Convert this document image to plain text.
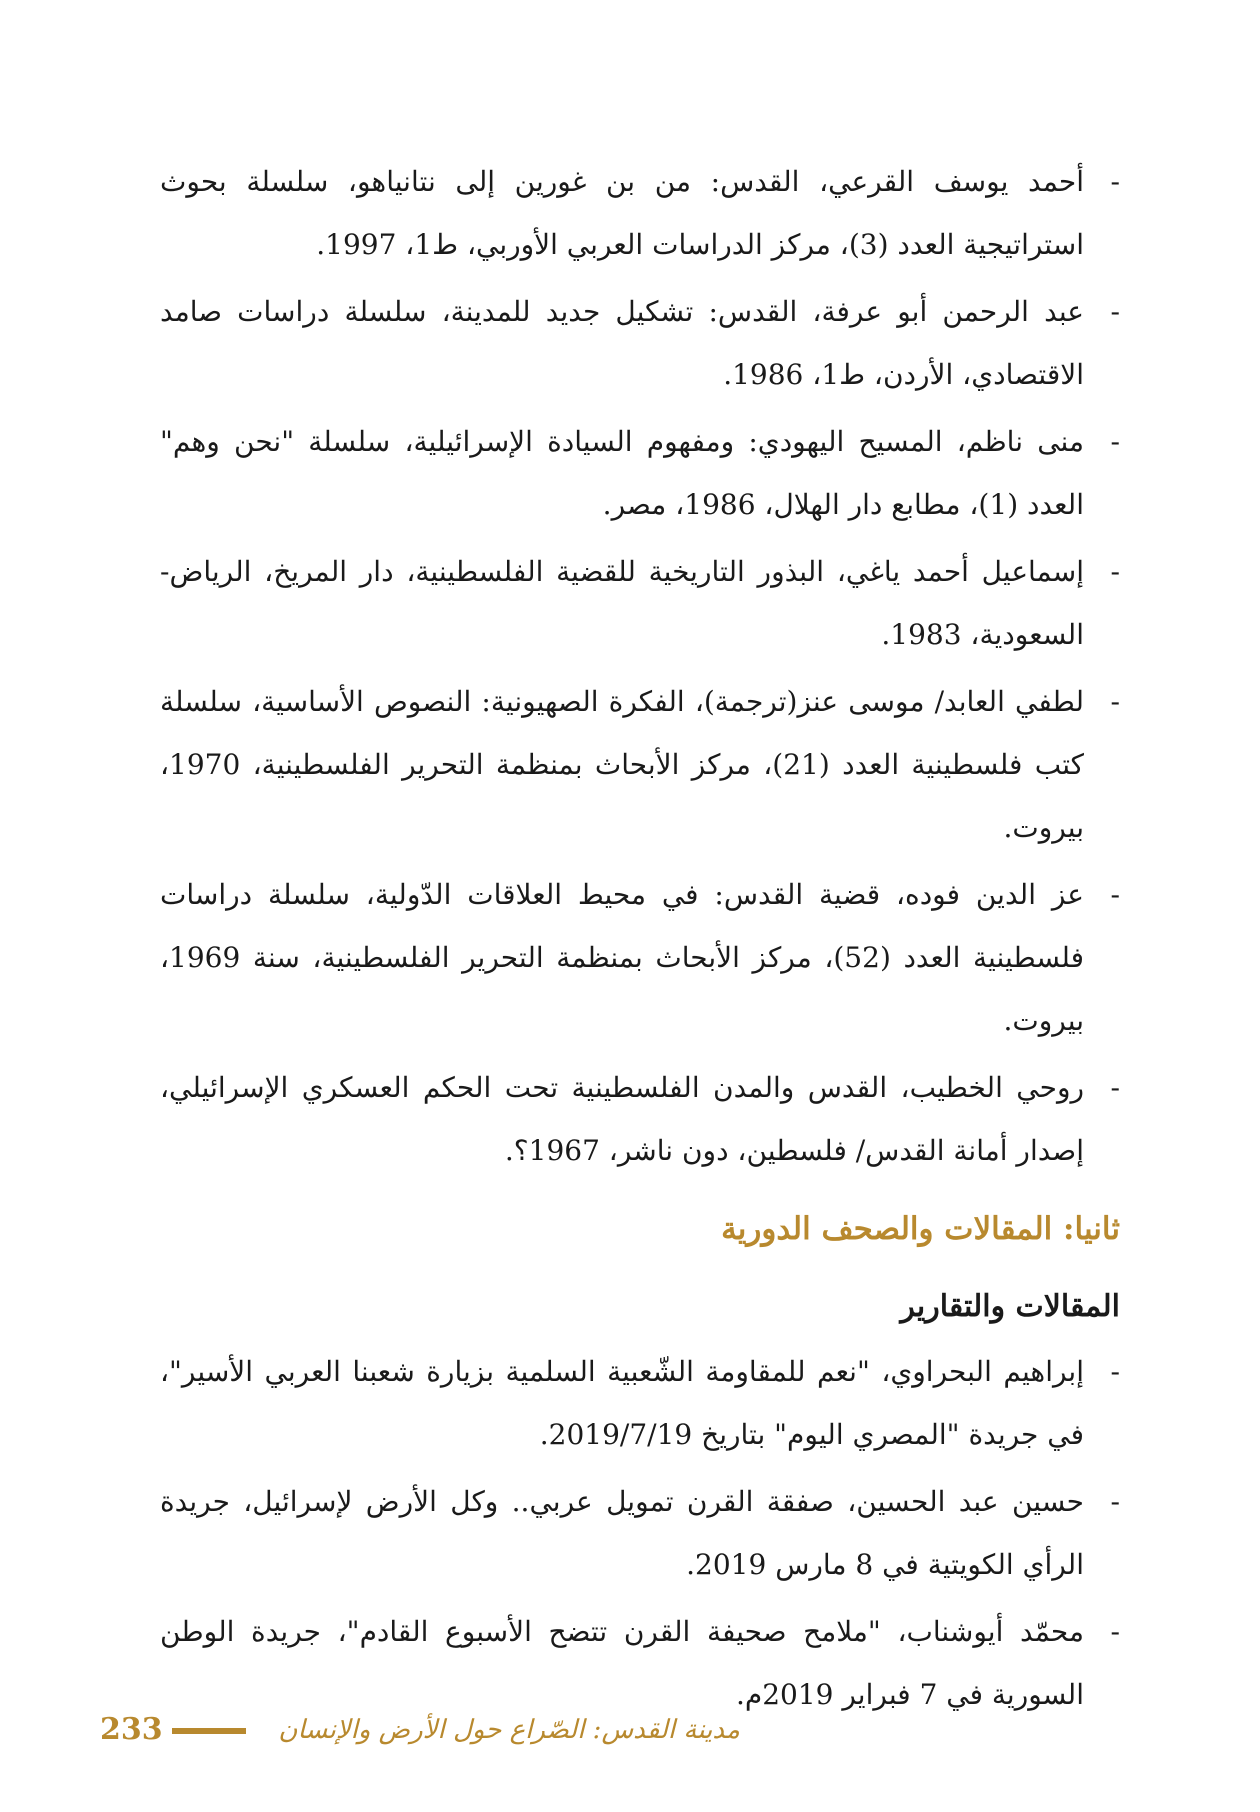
-
أحمد يوسف القرعي، القدس: من بن غورين إلى نتانياهو، سلسلة بحوث استراتيجية العدد (3)، مركز الدراسات العربي الأوربي، ط1، 1997.
-
عبد الرحمن أبو عرفة، القدس: تشكيل جديد للمدينة، سلسلة دراسات صامد الاقتصادي، الأردن، ط1، 1986.
-
منى ناظم، المسيح اليهودي: ومفهوم السيادة الإسرائيلية، سلسلة "نحن وهم" العدد (1)، مطابع دار الهلال، 1986، مصر.
-
إسماعيل أحمد ياغي، البذور التاريخية للقضية الفلسطينية، دار المريخ، الرياض- السعودية، 1983.
-
لطفي العابد/ موسى عنز(ترجمة)، الفكرة الصهيونية: النصوص الأساسية، سلسلة كتب فلسطينية العدد (21)، مركز الأبحاث بمنظمة التحرير الفلسطينية، 1970، بيروت.
-
عز الدين فوده، قضية القدس: في محيط العلاقات الدّولية، سلسلة دراسات فلسطينية العدد (52)، مركز الأبحاث بمنظمة التحرير الفلسطينية، سنة 1969، بيروت.
-
روحي الخطيب، القدس والمدن الفلسطينية تحت الحكم العسكري الإسرائيلي، إصدار أمانة القدس/ فلسطين، دون ناشر، 1967؟.
ثانيا: المقالات والصحف الدورية
المقالات والتقارير
-
إبراهيم البحراوي، "نعم للمقاومة الشّعبية السلمية بزيارة شعبنا العربي الأسير"، في جريدة "المصري اليوم" بتاريخ 2019/7/19.
-
حسين عبد الحسين، صفقة القرن تمويل عربي.. وكل الأرض لإسرائيل، جريدة الرأي الكويتية في 8 مارس 2019.
-
محمّد أيوشناب، "ملامح صحيفة القرن تتضح الأسبوع القادم"، جريدة الوطن السورية في 7 فبراير 2019م.
233	مدينة القدس: الصّراع حول الأرض والإنسان
